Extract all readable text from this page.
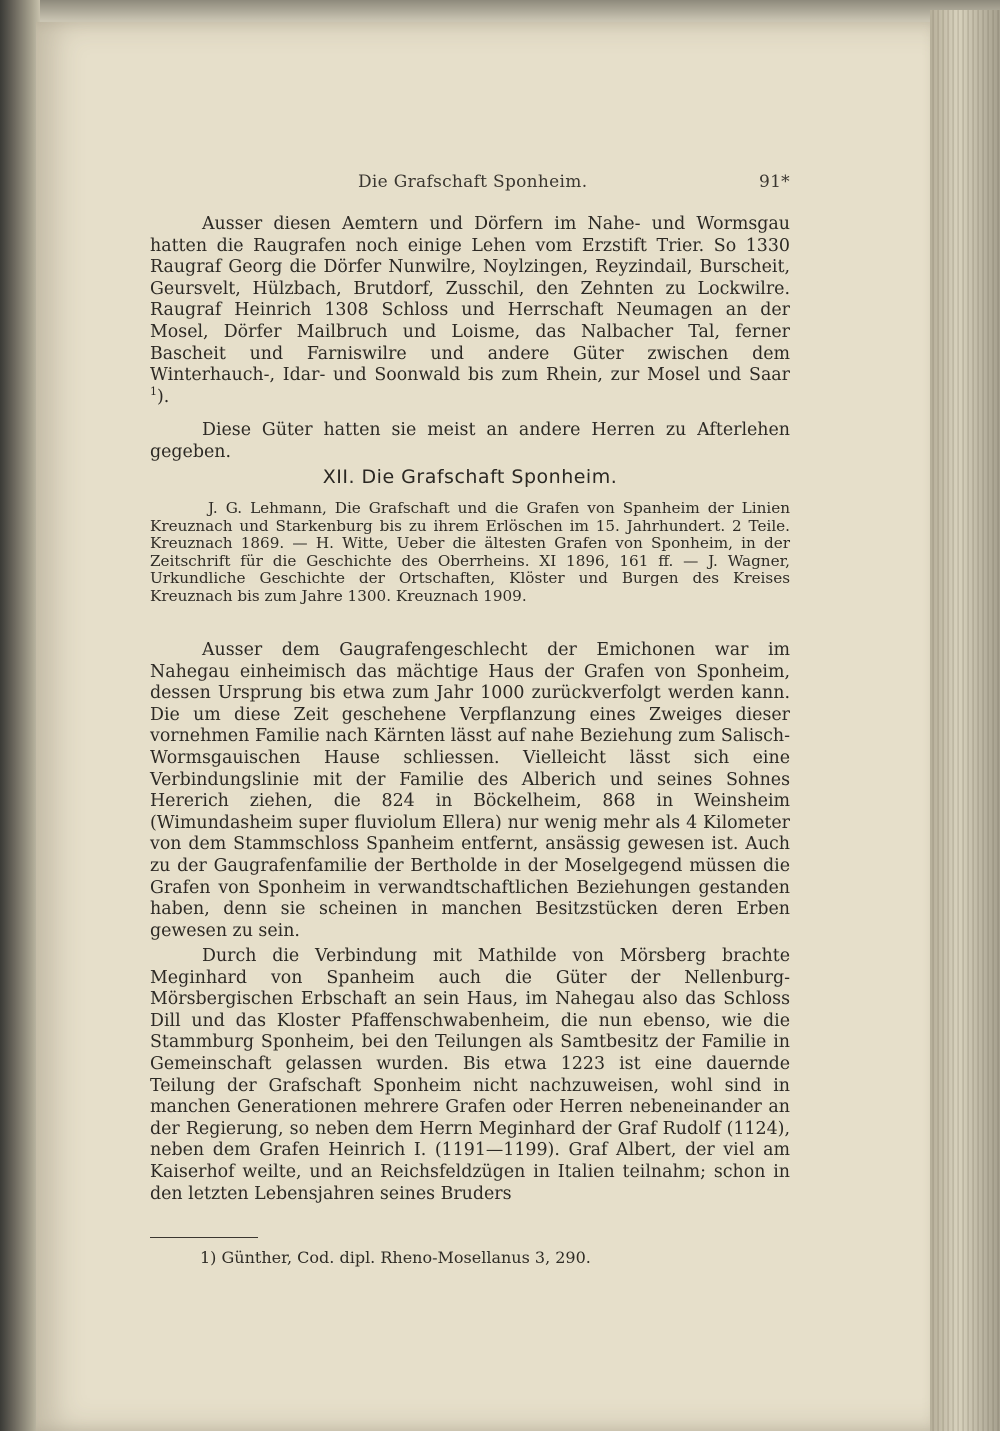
Die Grafschaft Sponheim.	91*
Ausser diesen Aemtern und Dörfern im Nahe- und Wormsgau hatten die Raugrafen noch einige Lehen vom Erzstift Trier. So 1330 Raugraf Georg die Dörfer Nunwilre, Noylzingen, Reyzindail, Burscheit, Geursvelt, Hülzbach, Brutdorf, Zusschil, den Zehnten zu Lockwilre. Raugraf Heinrich 1308 Schloss und Herrschaft Neumagen an der Mosel, Dörfer Mailbruch und Loisme, das Nalbacher Tal, ferner Bascheit und Farniswilre und andere Güter zwischen dem Winterhauch-, Idar- und Soonwald bis zum Rhein, zur Mosel und Saar $^1$).
Diese Güter hatten sie meist an andere Herren zu Afterlehen gegeben.
XII. Die Grafschaft Sponheim.
J. G. Lehmann, Die Grafschaft und die Grafen von Spanheim der Linien Kreuznach und Starkenburg bis zu ihrem Erlöschen im 15. Jahrhundert. 2 Teile. Kreuznach 1869. — H. Witte, Ueber die ältesten Grafen von Sponheim, in der Zeitschrift für die Geschichte des Oberrheins. XI 1896, 161 ff. — J. Wagner, Urkundliche Geschichte der Ortschaften, Klöster und Burgen des Kreises Kreuznach bis zum Jahre 1300. Kreuznach 1909.
Ausser dem Gaugrafengeschlecht der Emichonen war im Nahegau einheimisch das mächtige Haus der Grafen von Sponheim, dessen Ursprung bis etwa zum Jahr 1000 zurückverfolgt werden kann. Die um diese Zeit geschehene Verpflanzung eines Zweiges dieser vornehmen Familie nach Kärnten lässt auf nahe Beziehung zum Salisch-Wormsgauischen Hause schliessen. Vielleicht lässt sich eine Verbindungslinie mit der Familie des Alberich und seines Sohnes Hererich ziehen, die 824 in Böckelheim, 868 in Weinsheim (Wimundasheim super fluviolum Ellera) nur wenig mehr als 4 Kilometer von dem Stammschloss Spanheim entfernt, ansässig gewesen ist. Auch zu der Gaugrafenfamilie der Bertholde in der Moselgegend müssen die Grafen von Sponheim in verwandtschaftlichen Beziehungen gestanden haben, denn sie scheinen in manchen Besitzstücken deren Erben gewesen zu sein.
Durch die Verbindung mit Mathilde von Mörsberg brachte Meginhard von Spanheim auch die Güter der Nellenburg-Mörsbergischen Erbschaft an sein Haus, im Nahegau also das Schloss Dill und das Kloster Pfaffenschwabenheim, die nun ebenso, wie die Stammburg Sponheim, bei den Teilungen als Samtbesitz der Familie in Gemeinschaft gelassen wurden. Bis etwa 1223 ist eine dauernde Teilung der Grafschaft Sponheim nicht nachzuweisen, wohl sind in manchen Generationen mehrere Grafen oder Herren nebeneinander an der Regierung, so neben dem Herrn Meginhard der Graf Rudolf (1124), neben dem Grafen Heinrich I. (1191—1199). Graf Albert, der viel am Kaiserhof weilte, und an Reichsfeldzügen in Italien teilnahm; schon in den letzten Lebensjahren seines Bruders
1) Günther, Cod. dipl. Rheno-Mosellanus 3, 290.
